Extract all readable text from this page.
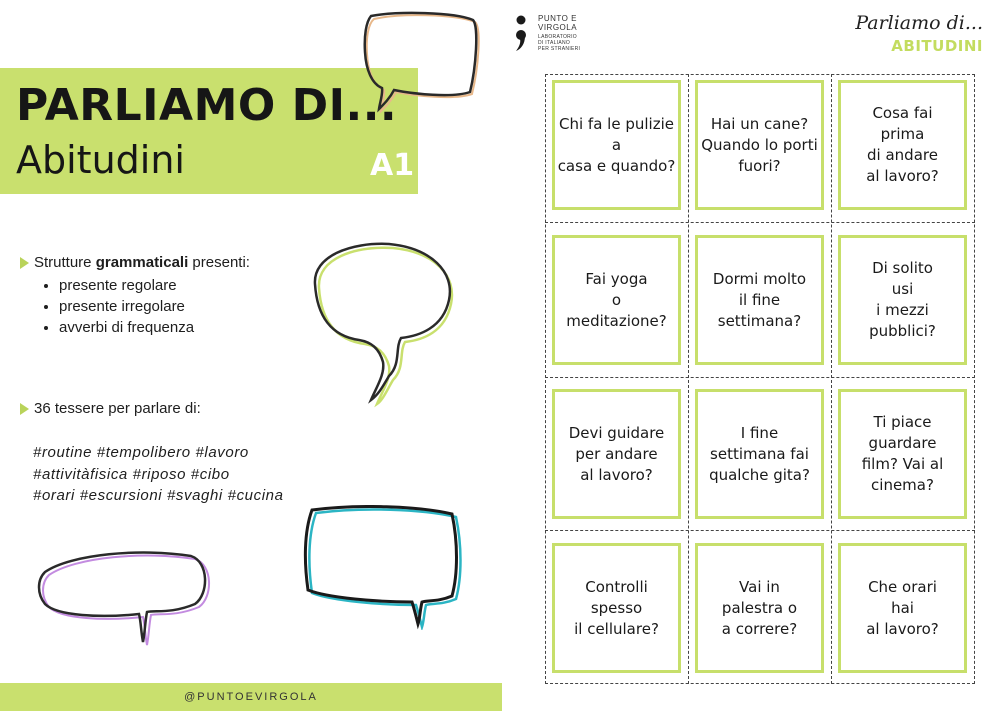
PARLIAMO DI...
Abitudini	A1
Strutture grammaticali presenti:
• presente regolare
• presente irregolare
• avverbi di frequenza
36 tessere per parlare di:
#routine #tempolibero #lavoro
#attivitàfisica #riposo #cibo
#orari #escursioni #svaghi #cucina
@PUNTOEVIRGOLA
PUNTO E
VIRGOLA
LABORATORIO
DI ITALIANO
PER STRANIERI
Parliamo di...
ABITUDINI
Chi fa le pulizie a
casa e quando?
Hai un cane?
Quando lo porti
fuori?
Cosa fai
prima
di andare
al lavoro?
Fai yoga
o
meditazione?
Dormi molto
il fine
settimana?
Di solito
usi
i mezzi pubblici?
Devi guidare
per andare
al lavoro?
I fine
settimana fai
qualche gita?
Ti piace guardare
film? Vai al
cinema?
Controlli
spesso
il cellulare?
Vai in
palestra o
a correre?
Che orari
hai
al lavoro?
